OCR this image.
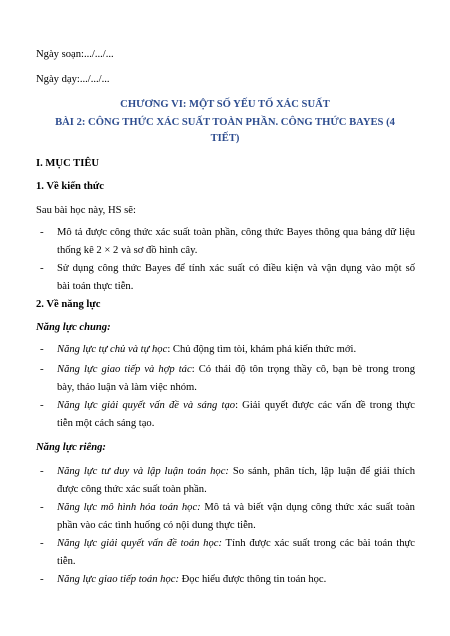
Ngày soạn:.../.../...
Ngày dạy:.../.../...
CHƯƠNG VI: MỘT SỐ YẾU TỐ XÁC SUẤT
BÀI 2: CÔNG THỨC XÁC SUẤT TOÀN PHẦN. CÔNG THỨC BAYES (4
TIẾT)
I. MỤC TIÊU
1. Về kiến thức
Sau bài học này, HS sẽ:
- Mô tả được công thức xác suất toàn phần, công thức Bayes thông qua bảng dữ liệu
thống kê 2 × 2 và sơ đồ hình cây.
- Sử dụng công thức Bayes để tính xác suất có điều kiện và vận dụng vào một số
bài toán thực tiễn.
2. Về năng lực
Năng lực chung:
- Năng lực tự chủ và tự học: Chủ động tìm tòi, khám phá kiến thức mới.
- Năng lực giao tiếp và hợp tác: Có thái độ tôn trọng thầy cô, bạn bè trong trong
bày, thảo luận và làm việc nhóm.
- Năng lực giải quyết vấn đề và sáng tạo: Giải quyết được các vấn đề trong thực
tiễn một cách sáng tạo.
Năng lực riêng:
- Năng lực tư duy và lập luận toán học: So sánh, phân tích, lập luận để giải thích
được công thức xác suất toàn phần.
- Năng lực mô hình hóa toán học: Mô tả và biết vận dụng công thức xác suất toàn
phần vào các tình huống có nội dung thực tiễn.
- Năng lực giải quyết vấn đề toán học: Tính được xác suất trong các bài toán thực
tiễn.
- Năng lực giao tiếp toán học: Đọc hiểu được thông tin toán học.
